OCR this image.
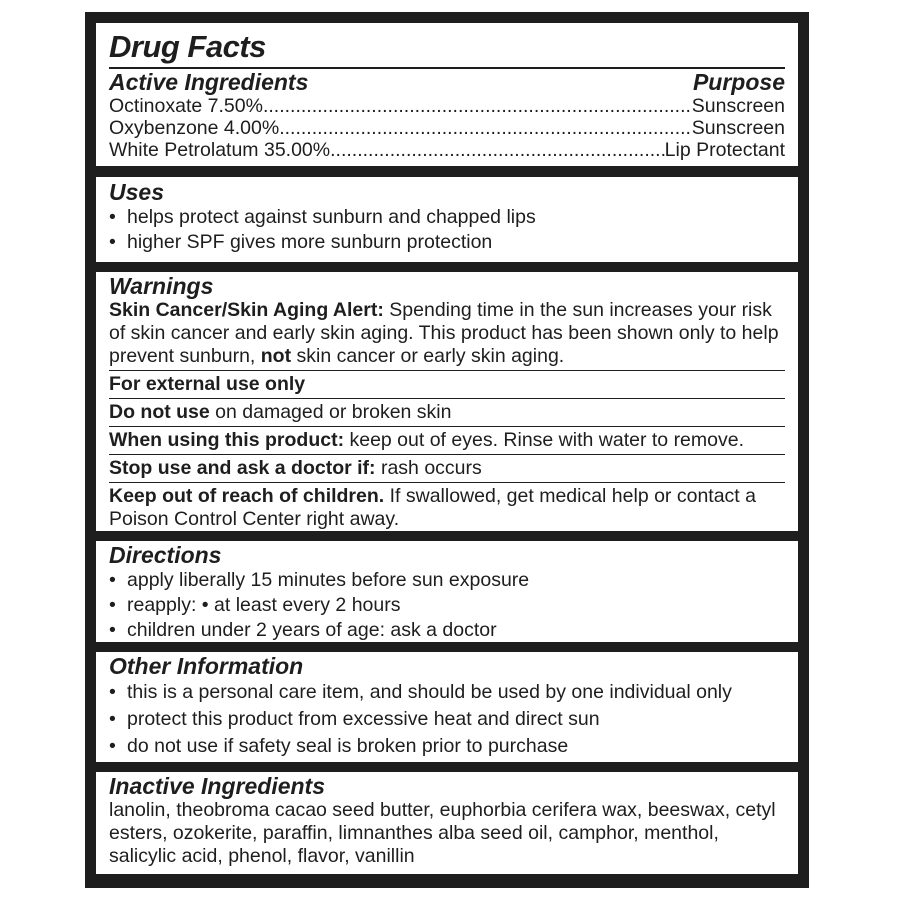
Drug Facts
Active Ingredients	Purpose
Octinoxate 7.50% .....	Sunscreen
Oxybenzone 4.00% .....	Sunscreen
White Petrolatum 35.00% .....	Lip Protectant
Uses
• helps protect against sunburn and chapped lips
• higher SPF gives more sunburn protection
Warnings
Skin Cancer/Skin Aging Alert: Spending time in the sun increases your risk of skin cancer and early skin aging. This product has been shown only to help prevent sunburn, not skin cancer or early skin aging.
For external use only
Do not use on damaged or broken skin
When using this product: keep out of eyes. Rinse with water to remove.
Stop use and ask a doctor if: rash occurs
Keep out of reach of children. If swallowed, get medical help or contact a Poison Control Center right away.
Directions
• apply liberally 15 minutes before sun exposure
• reapply: • at least every 2 hours
• children under 2 years of age: ask a doctor
Other Information
• this is a personal care item, and should be used by one individual only
• protect this product from excessive heat and direct sun
• do not use if safety seal is broken prior to purchase
Inactive Ingredients
lanolin, theobroma cacao seed butter, euphorbia cerifera wax, beeswax, cetyl esters, ozokerite, paraffin, limnanthes alba seed oil, camphor, menthol, salicylic acid, phenol, flavor, vanillin
